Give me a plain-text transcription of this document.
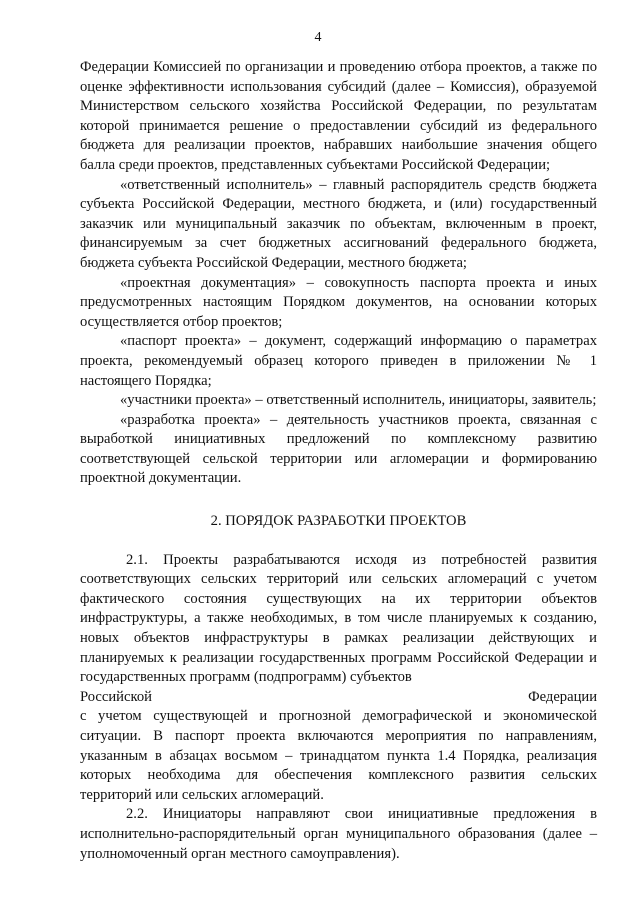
4

Федерации Комиссией по организации и проведению отбора проектов, а также по оценке эффективности использования субсидий (далее – Комиссия), образуемой Министерством сельского хозяйства Российской Федерации, по результатам которой принимается решение о предоставлении субсидий из федерального бюджета для реализации проектов, набравших наибольшие значения общего балла среди проектов, представленных субъектами Российской Федерации;

«ответственный исполнитель» – главный распорядитель средств бюджета субъекта Российской Федерации, местного бюджета, и (или) государственный заказчик или муниципальный заказчик по объектам, включенным в проект, финансируемым за счет бюджетных ассигнований федерального бюджета, бюджета субъекта Российской Федерации, местного бюджета;

«проектная документация» – совокупность паспорта проекта и иных предусмотренных настоящим Порядком документов, на основании которых осуществляется отбор проектов;

«паспорт проекта» – документ, содержащий информацию о параметрах проекта, рекомендуемый образец которого приведен в приложении № 1 настоящего Порядка;

«участники проекта» – ответственный исполнитель, инициаторы, заявитель;

«разработка проекта» – деятельность участников проекта, связанная с выработкой инициативных предложений по комплексному развитию соответствующей сельской территории или агломерации и формированию проектной документации.

2. ПОРЯДОК РАЗРАБОТКИ ПРОЕКТОВ

2.1. Проекты разрабатываются исходя из потребностей развития соответствующих сельских территорий или сельских агломераций с учетом фактического состояния существующих на их территории объектов инфраструктуры, а также необходимых, в том числе планируемых к созданию, новых объектов инфраструктуры в рамках реализации действующих и планируемых к реализации государственных программ Российской Федерации и государственных программ (подпрограмм) субъектов

Российской	Федерации

с учетом существующей и прогнозной демографической и экономической ситуации. В паспорт проекта включаются мероприятия по направлениям, указанным в абзацах восьмом – тринадцатом пункта 1.4 Порядка, реализация которых необходима для обеспечения комплексного развития сельских территорий или сельских агломераций.

2.2. Инициаторы направляют свои инициативные предложения в исполнительно-распорядительный орган муниципального образования (далее – уполномоченный орган местного самоуправления).
